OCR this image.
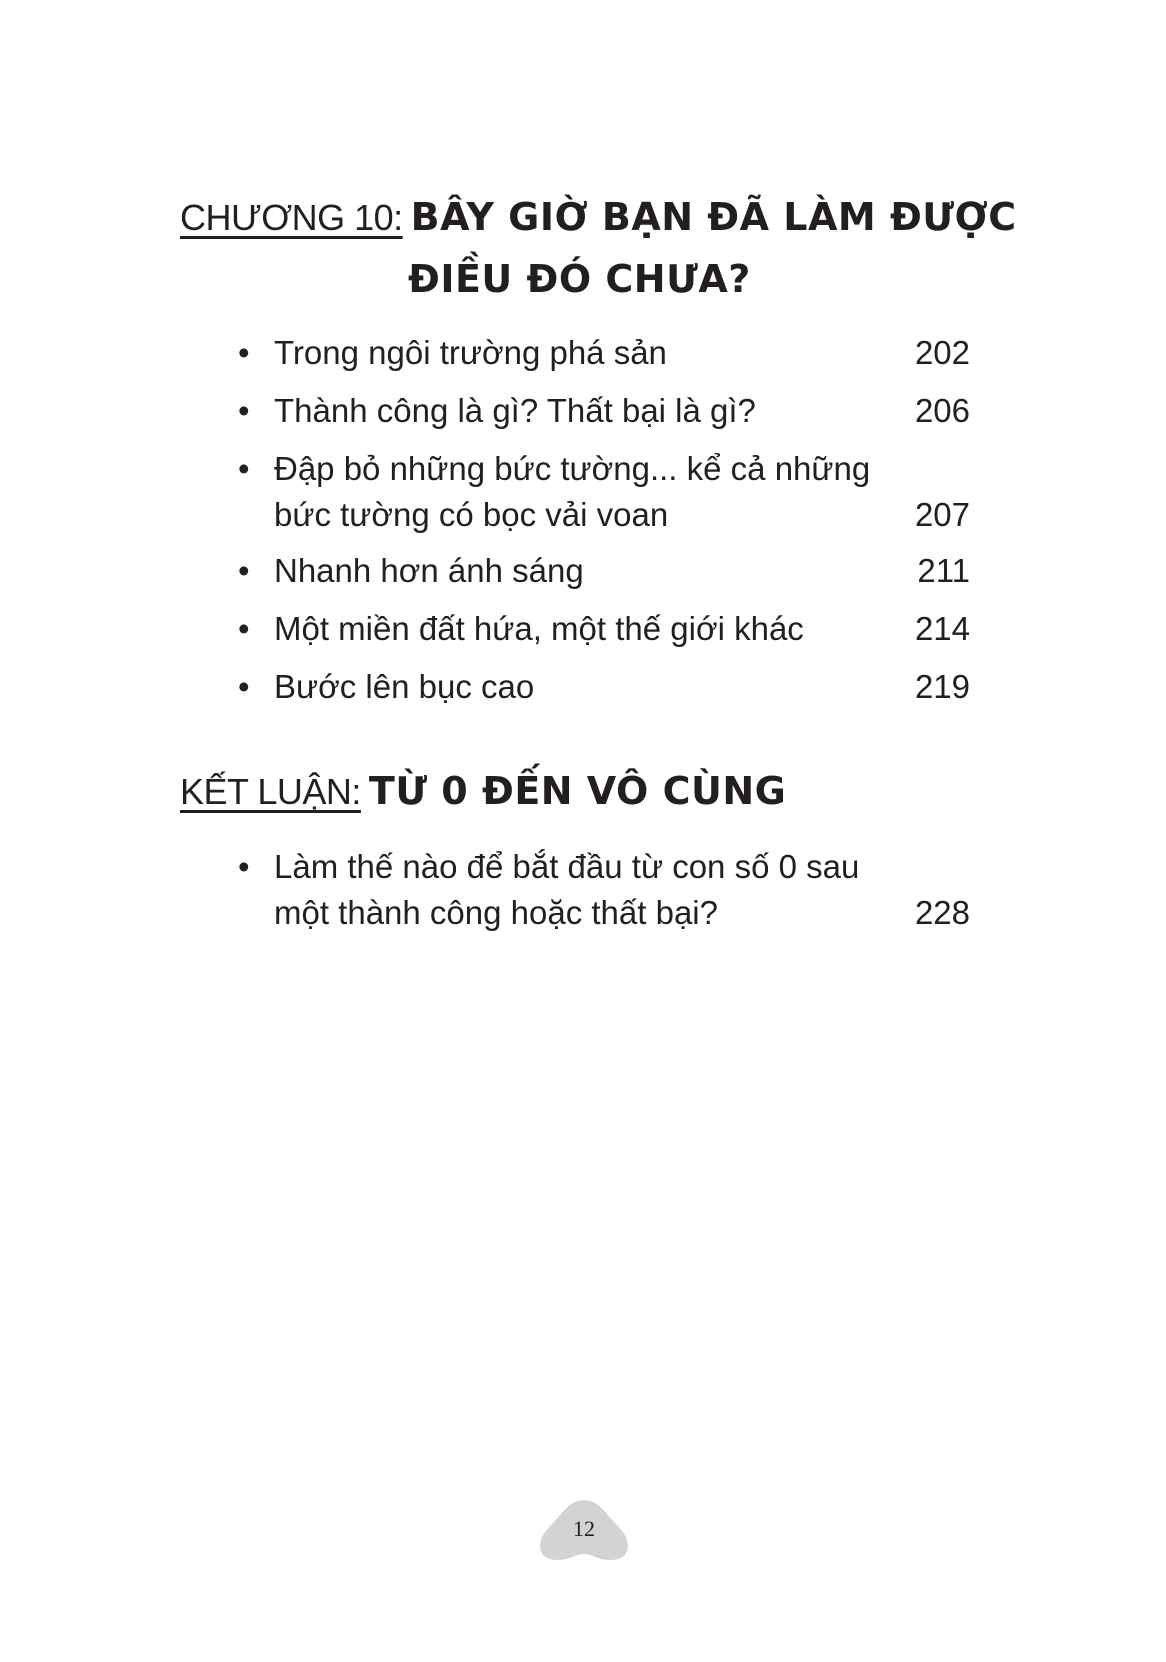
CHƯƠNG 10: BÂY GIỜ BẠN ĐÃ LÀM ĐƯỢC
ĐIỀU ĐÓ CHƯA?
• Trong ngôi trường phá sản	202
• Thành công là gì? Thất bại là gì?	206
• Đập bỏ những bức tường... kể cả những
bức tường có bọc vải voan	207
• Nhanh hơn ánh sáng	211
• Một miền đất hứa, một thế giới khác	214
• Bước lên bục cao	219
KẾT LUẬN: TỪ 0 ĐẾN VÔ CÙNG
• Làm thế nào để bắt đầu từ con số 0 sau
một thành công hoặc thất bại?	228
12
